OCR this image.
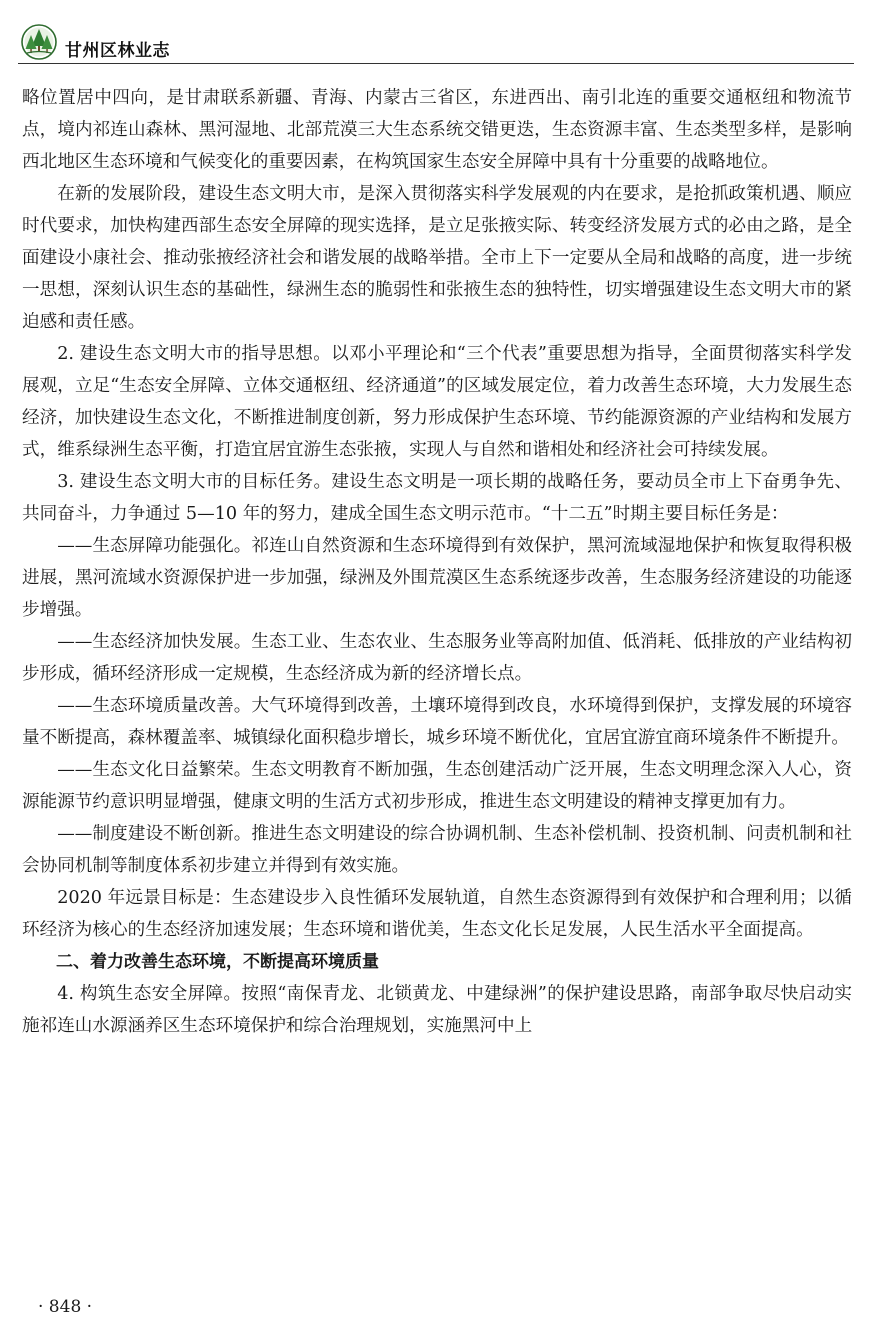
甘州区林业志

略位置居中四向，是甘肃联系新疆、青海、内蒙古三省区，东进西出、南引北连的重要交通枢纽和物流节点，境内祁连山森林、黑河湿地、北部荒漠三大生态系统交错更迭，生态资源丰富、生态类型多样，是影响西北地区生态环境和气候变化的重要因素，在构筑国家生态安全屏障中具有十分重要的战略地位。

在新的发展阶段，建设生态文明大市，是深入贯彻落实科学发展观的内在要求，是抢抓政策机遇、顺应时代要求，加快构建西部生态安全屏障的现实选择，是立足张掖实际、转变经济发展方式的必由之路，是全面建设小康社会、推动张掖经济社会和谐发展的战略举措。全市上下一定要从全局和战略的高度，进一步统一思想，深刻认识生态的基础性，绿洲生态的脆弱性和张掖生态的独特性，切实增强建设生态文明大市的紧迫感和责任感。

2. 建设生态文明大市的指导思想。以邓小平理论和“三个代表”重要思想为指导，全面贯彻落实科学发展观，立足“生态安全屏障、立体交通枢纽、经济通道”的区域发展定位，着力改善生态环境，大力发展生态经济，加快建设生态文化，不断推进制度创新，努力形成保护生态环境、节约能源资源的产业结构和发展方式，维系绿洲生态平衡，打造宜居宜游生态张掖，实现人与自然和谐相处和经济社会可持续发展。

3. 建设生态文明大市的目标任务。建设生态文明是一项长期的战略任务，要动员全市上下奋勇争先、共同奋斗，力争通过 5—10 年的努力，建成全国生态文明示范市。“十二五”时期主要目标任务是：

——生态屏障功能强化。祁连山自然资源和生态环境得到有效保护，黑河流域湿地保护和恢复取得积极进展，黑河流域水资源保护进一步加强，绿洲及外围荒漠区生态系统逐步改善，生态服务经济建设的功能逐步增强。

——生态经济加快发展。生态工业、生态农业、生态服务业等高附加值、低消耗、低排放的产业结构初步形成，循环经济形成一定规模，生态经济成为新的经济增长点。

——生态环境质量改善。大气环境得到改善，土壤环境得到改良，水环境得到保护，支撑发展的环境容量不断提高，森林覆盖率、城镇绿化面积稳步增长，城乡环境不断优化，宜居宜游宜商环境条件不断提升。

——生态文化日益繁荣。生态文明教育不断加强，生态创建活动广泛开展，生态文明理念深入人心，资源能源节约意识明显增强，健康文明的生活方式初步形成，推进生态文明建设的精神支撑更加有力。

——制度建设不断创新。推进生态文明建设的综合协调机制、生态补偿机制、投资机制、问责机制和社会协同机制等制度体系初步建立并得到有效实施。

2020 年远景目标是：生态建设步入良性循环发展轨道，自然生态资源得到有效保护和合理利用；以循环经济为核心的生态经济加速发展；生态环境和谐优美，生态文化长足发展，人民生活水平全面提高。

二、着力改善生态环境，不断提高环境质量

4. 构筑生态安全屏障。按照“南保青龙、北锁黄龙、中建绿洲”的保护建设思路，南部争取尽快启动实施祁连山水源涵养区生态环境保护和综合治理规划，实施黑河中上

· 848 ·
